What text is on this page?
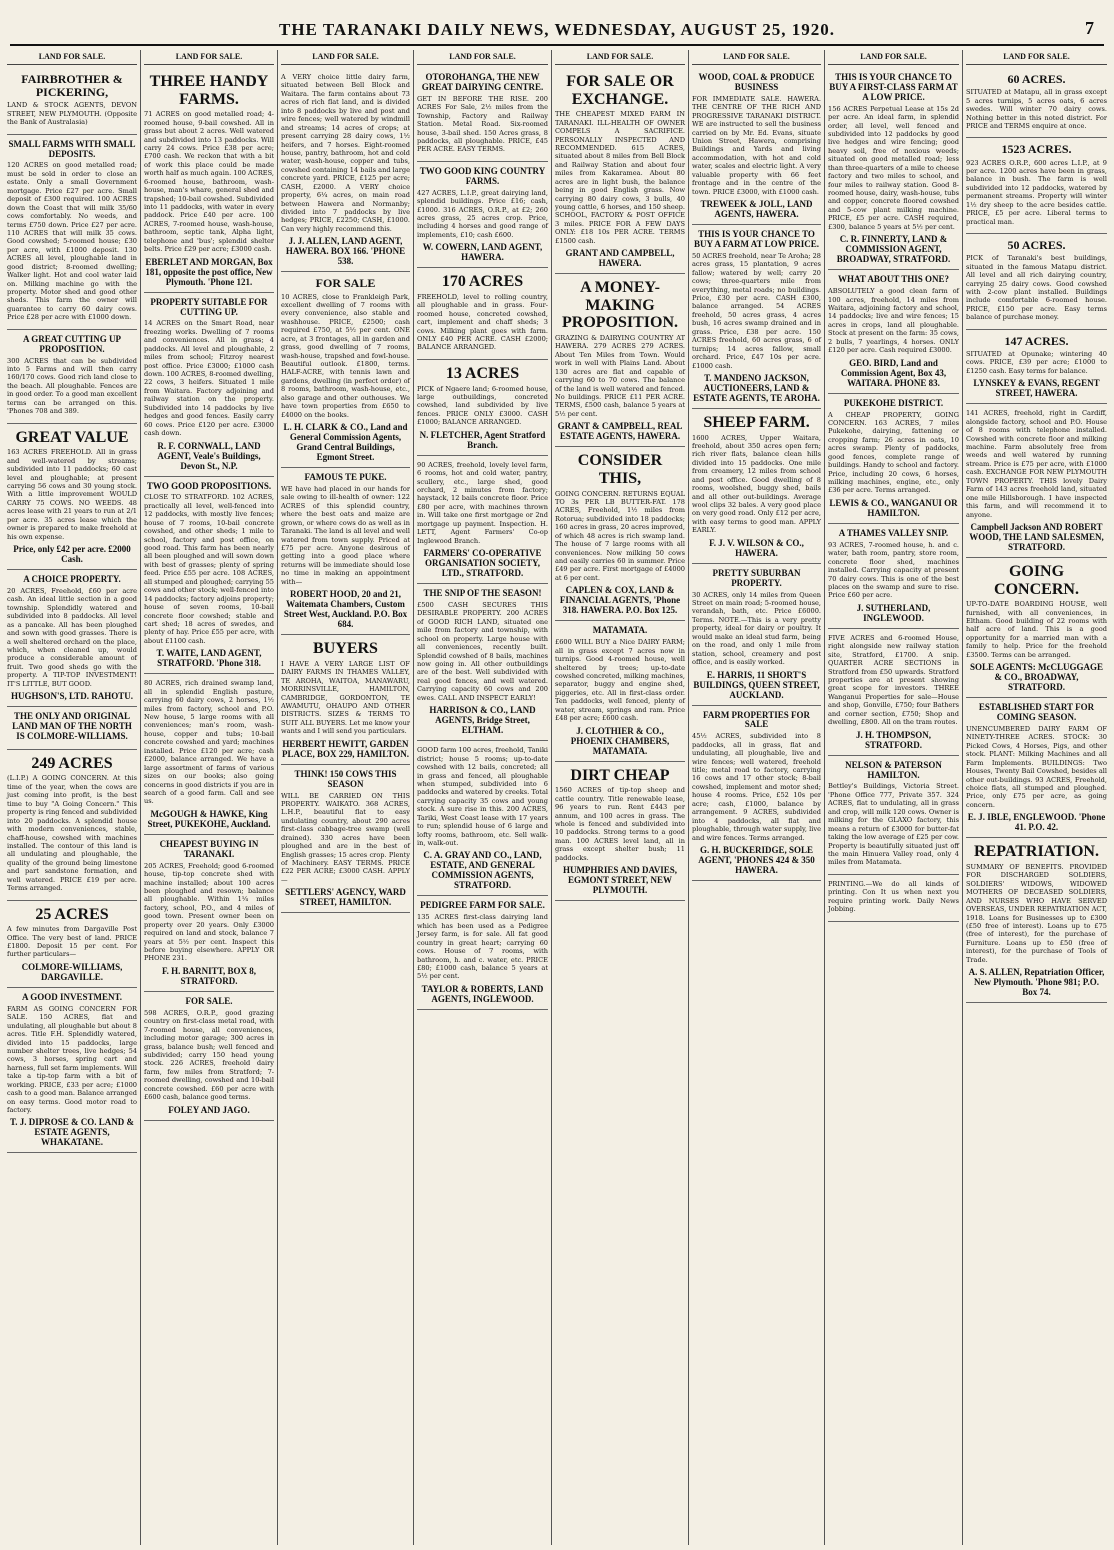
THE TARANAKI DAILY NEWS, WEDNESDAY, AUGUST 25, 1920.	7
LAND FOR SALE.
FAIRBROTHER & PICKERING,
LAND & STOCK AGENTS, DEVON STREET, NEW PLYMOUTH. (Opposite the Bank of Australasia)
SMALL FARMS WITH SMALL DEPOSITS.
120 ACRES on good metalled road; must be sold in order to close an estate. Only a small Government mortgage. Price £27 per acre. Small deposit of £300 required. 100 ACRES down the Coast that will milk 35/60 cows comfortably. No weeds, and terms £750 down. Price £27 per acre. 110 ACRES that will milk 35 cows. Good cowshed; 5-roomed house; £30 per acre, with £1000 deposit. 130 ACRES all level, ploughable land in good district; 8-roomed dwelling; Walker light. Hot and cool water laid on. Milking machine go with the property. Motor shed and good other sheds. This farm the owner will guarantee to carry 60 dairy cows. Price £28 per acre with £1000 down.
A GREAT CUTTING UP PROPOSITION.
300 ACRES that can be subdivided into 5 Farms and will then carry 160/170 cows. Good rich land close to the beach. All ploughable. Fences are in good order. To a good man excellent terms can be arranged on this. 'Phones 708 and 389.
GREAT VALUE
163 ACRES FREEHOLD. All in grass and well-watered by streams; subdivided into 11 paddocks; 60 cast level and ploughable; at present carrying 56 cows and 30 young stock. With a little improvement WOULD CARRY 75 COWS. NO WEEDS. 48 acres lease with 21 years to run at 2/1 per acre. 35 acres lease which the owner is prepared to make freehold at his own expense.
Price, only £42 per acre. £2000 Cash.
A CHOICE PROPERTY.
20 ACRES, Freehold, £60 per acre cash. An ideal little section in a good township. Splendidly watered and subdivided into 8 paddocks. All level as a pancake. All has been ploughed and sown with good grasses. There is a well sheltered orchard on the place, which, when cleaned up, would produce a considerable amount of fruit. Two good sheds go with the property. A TIP-TOP INVESTMENT! IT'S LITTLE, BUT GOOD.
HUGHSON'S, LTD. RAHOTU.
THE ONLY AND ORIGINAL LAND MAN OF THE NORTH IS COLMORE-WILLIAMS.
249 ACRES
(L.I.P.) A GOING CONCERN. At this time of the year, when the cows are just coming into profit, is the best time to buy "A Going Concern." This property is ring fenced and subdivided into 20 paddocks. A splendid house with modern conveniences, stable, chaff-house, cowshed with machines installed. The contour of this land is all undulating and ploughable, the quality of the ground being limestone and part sandstone formation, and well watered. PRICE £19 per acre. Terms arranged.
25 ACRES
A few minutes from Dargaville Post Office. The very best of land. PRICE £1800. Deposit 15 per cent. For further particulars—
COLMORE-WILLIAMS, DARGAVILLE.
A GOOD INVESTMENT.
FARM AS GOING CONCERN FOR SALE. 150 ACRES, flat and undulating, all ploughable but about 8 acres. Title F.H. Splendidly watered, divided into 15 paddocks, large number shelter trees, live hedges; 54 cows, 3 horses, spring cart and harness, full set farm implements. Will take a tip-top farm with a bit of working. PRICE, £33 per acre; £1000 cash to a good man. Balance arranged on easy terms. Good motor road to factory.
T. J. DIPROSE & CO. LAND & ESTATE AGENTS, WHAKATANE.
LAND FOR SALE.
THREE HANDY FARMS.
71 ACRES on good metalled road; 4-roomed house, 9-bail cowshed. All in grass but about 2 acres. Well watered and subdivided into 13 paddocks. Will carry 24 cows. Price £38 per acre; £700 cash. We reckon that with a bit of work this place could be made worth half as much again. 100 ACRES, 6-roomed house, bathroom, wash-house, man's whare, general shed and trapshed; 10-bail cowshed. Subdivided into 11 paddocks, with water in every paddock. Price £40 per acre. 100 ACRES, 7-roomed house, wash-house, bathroom, septic tank, Alpha light, telephone and 'bus'; splendid shelter belts. Price £29 per acre; £3000 cash.
EBERLET AND MORGAN, Box 181, opposite the post office, New Plymouth. 'Phone 121.
PROPERTY SUITABLE FOR CUTTING UP.
14 ACRES on the Smart Road, near freezing works. Dwelling of 7 rooms and conveniences. All in grass; 4 paddocks. All level and ploughable, 2 miles from school; Fitzroy nearest post office. Price £3000; £1000 cash down. 100 ACRES, 8-roomed dwelling, 22 cows, 3 heifers. Situated 1 mile from Waitara. Factory adjoining and railway station on the property. Subdivided into 14 paddocks by live hedges and good fences. Easily carry 60 cows. Price £120 per acre. £3000 cash down.
R. F. CORNWALL, LAND AGENT, Veale's Buildings, Devon St., N.P.
TWO GOOD PROPOSITIONS.
CLOSE TO STRATFORD. 102 ACRES, practically all level, well-fenced into 12 paddocks, with mostly live fences; house of 7 rooms, 10-bail concrete cowshed, and other sheds; 1 mile to school, factory and post office, on good road. This farm has been nearly all been ploughed and will sown down with best of grasses; plenty of spring feed. Price £55 per acre. 108 ACRES, all stumped and ploughed; carrying 55 cows and other stock; well-fenced into 14 paddocks; factory adjoins property; house of seven rooms, 10-bail concrete floor cowshed; stable and cart shed; 18 acres of swedes, and plenty of hay. Price £55 per acre, with about £1100 cash.
T. WAITE, LAND AGENT, STRATFORD. 'Phone 318.
80 ACRES, rich drained swamp land, all in splendid English pasture, carrying 60 dairy cows, 2 horses, 1½ miles from factory, school and P.O. New house, 5 large rooms with all conveniences; man's room, wash-house, copper and tubs; 10-bail concrete cowshed and yard; machines installed. Price £120 per acre; cash £2000, balance arranged. We have a large assortment of farms of various sizes on our books; also going concerns in good districts if you are in search of a good farm. Call and see us.
McGOUGH & HAWKE, King Street, PUKEKOHE, Auckland.
CHEAPEST BUYING IN TARANAKI.
205 ACRES, Freehold; good 6-roomed house, tip-top concrete shed with machine installed; about 100 acres been ploughed and resown; balance all ploughable. Within 1¼ miles factory, school, P.O., and 4 miles of good town. Present owner been on property over 20 years. Only £3000 required on land and stock, balance 7 years at 5½ per cent. Inspect this before buying elsewhere. APPLY OR PHONE 231.
F. H. BARNITT, BOX 8, STRATFORD.
FOR SALE.
598 ACRES, O.R.P., good grazing country on first-class metal road, with 7-roomed house, all conveniences, including motor garage; 300 acres in grass, balance bush; well fenced and subdivided; carry 150 head young stock. 226 ACRES, freehold dairy farm, few miles from Stratford; 7-roomed dwelling, cowshed and 10-bail concrete cowshed. £60 per acre with £600 cash, balance good terms.
FOLEY AND JAGO.
LAND FOR SALE.
A VERY choice little dairy farm, situated between Bell Block and Waitara. The farm contains about 73 acres of rich flat land, and is divided into 8 paddocks by live and post and wire fences; well watered by windmill and streams; 14 acres of crops; at present carrying 28 dairy cows, 1½ heifers, and 7 horses. Eight-roomed house, pantry, bathroom, hot and cold water, wash-house, copper and tubs, cowshed containing 14 bails and large concrete yard. PRICE, £125 per acre; CASH, £2000. A VERY choice property, 6¼ acres, on main road between Hawera and Normanby; divided into 7 paddocks by live hedges; PRICE, £2250; CASH, £1000. Can very highly recommend this.
J. J. ALLEN, LAND AGENT, HAWERA. BOX 166. 'PHONE 538.
FOR SALE
10 ACRES, close to Frankleigh Park, excellent dwelling of 7 rooms with every convenience, also stable and washhouse. PRICE, £2500; cash required £750, at 5½ per cent. ONE acre, at 3 frontages, all in garden and grass, good dwelling of 7 rooms, wash-house, trapshed and fowl-house. Beautiful outlook. £1800, terms. HALF-ACRE, with tennis lawn and gardens, dwelling (in perfect order) of 8 rooms, bathroom, wash-house, etc., also garage and other outhouses. We have town properties from £650 to £4000 on the books.
L. H. CLARK & CO., Land and General Commission Agents, Grand Central Buildings, Egmont Street.
FAMOUS TE PUKE.
WE have had placed in our hands for sale owing to ill-health of owner: 122 ACRES of this splendid country, where the best oats and maize are grown, or where cows do as well as in Taranaki. The land is all level and well watered from town supply. Priced at £75 per acre. Anyone desirous of getting into a good place where returns will be immediate should lose no time in making an appointment with—
ROBERT HOOD, 20 and 21, Waitemata Chambers, Custom Street West, Auckland. P.O. Box 684.
BUYERS
I HAVE A VERY LARGE LIST OF DAIRY FARMS IN THAMES VALLEY, TE AROHA, WAITOA, MANAWARU, MORRINSVILLE, HAMILTON, CAMBRIDGE, GORDONTON, TE AWAMUTU, OHAUPO AND OTHER DISTRICTS. SIZES & TERMS TO SUIT ALL BUYERS. Let me know your wants and I will send you particulars.
HERBERT HEWITT, GARDEN PLACE, BOX 229, HAMILTON.
THINK! 150 COWS THIS SEASON
WILL BE CARRIED ON THIS PROPERTY. WAIKATO. 368 ACRES, L.H.P., beautiful flat to easy undulating country, about 290 acres first-class cabbage-tree swamp (well drained). 330 acres have been ploughed and are in the best of English grasses; 15 acres crop. Plenty of Machinery. EASY TERMS. PRICE £22 PER ACRE; £3000 CASH. APPLY—
SETTLERS' AGENCY, WARD STREET, HAMILTON.
LAND FOR SALE.
OTOROHANGA, THE NEW GREAT DAIRYING CENTRE.
GET IN BEFORE THE RISE. 200 ACRES For Sale, 2½ miles from the Township, Factory and Railway Station. Metal Road. Six-roomed house, 3-bail shed. 150 Acres grass, 8 paddocks, all ploughable. PRICE, £45 PER ACRE. EASY TERMS.
TWO GOOD KING COUNTRY FARMS.
427 ACRES, L.I.P., great dairying land, splendid buildings. Price £16; cash, £1000. 316 ACRES, O.R.P., at £2; 260 acres grass, 25 acres crop. Price, including 4 horses and good range of implements, £10; cash £600.
W. COWERN, LAND AGENT, HAWERA.
170 ACRES
FREEHOLD, level to rolling country, all ploughable and in grass. Four-roomed house, concreted cowshed, cart, implement and chaff sheds; 3 cows. Milking plant goes with farm. ONLY £40 PER ACRE. CASH £2000; BALANCE ARRANGED.
13 ACRES
PICK of Ngaere land; 6-roomed house, large outbuildings, concreted cowshed, land subdivided by live fences. PRICE ONLY £3000. CASH £1000; BALANCE ARRANGED.
N. FLETCHER, Agent Stratford Branch.
90 ACRES, freehold, lovely level farm, 6 rooms, hot and cold water, pantry, scullery, etc., large shed, good orchard, 2 minutes from factory; haystack, 12 bails concrete floor. Price £80 per acre, with machines thrown in. Will take one first mortgage or 2nd mortgage up payment. Inspection. H. LETT, Agent Farmers' Co-op Inglewood Branch.
FARMERS' CO-OPERATIVE ORGANISATION SOCIETY, LTD., STRATFORD.
THE SNIP OF THE SEASON!
£500 CASH SECURES THIS DESIRABLE PROPERTY. 200 ACRES of GOOD RICH LAND, situated one mile from factory and township, with school on property. Large house with all conveniences, recently built. Splendid cowshed of 8 bails, machines now going in. All other outbuildings are of the best. Well subdivided with real good fences, and well watered. Carrying capacity 60 cows and 200 ewes. CALL AND INSPECT EARLY!
HARRISON & CO., LAND AGENTS, Bridge Street, ELTHAM.
GOOD farm 100 acres, freehold, Taniki district; house 5 rooms; up-to-date cowshed with 12 bails, concreted; all in grass and fenced, all ploughable when stumped, subdivided into 6 paddocks and watered by creeks. Total carrying capacity 35 cows and young stock. A sure rise in this. 200 ACRES, Tariki, West Coast lease with 17 years to run; splendid house of 6 large and lofty rooms, bathroom, etc. Sell walk-in, walk-out.
C. A. GRAY AND CO., LAND, ESTATE, AND GENERAL COMMISSION AGENTS, STRATFORD.
PEDIGREE FARM FOR SALE.
135 ACRES first-class dairying land which has been used as a Pedigree Jersey farm, is for sale. All fat good country in great heart; carrying 60 cows. House of 7 rooms, with bathroom, h. and c. water, etc. PRICE £80; £1000 cash, balance 5 years at 5½ per cent.
TAYLOR & ROBERTS, LAND AGENTS, INGLEWOOD.
LAND FOR SALE.
FOR SALE OR EXCHANGE.
THE CHEAPEST MIXED FARM IN TARANAKI. ILL-HEALTH OF OWNER COMPELS A SACRIFICE. PERSONALLY INSPECTED AND RECOMMENDED. 615 ACRES, situated about 8 miles from Bell Block and Railway Station and about four miles from Kakaramea. About 80 acres are in light bush, the balance being in good English grass. Now carrying 80 dairy cows, 3 bulls, 40 young cattle, 6 horses, and 150 sheep. SCHOOL, FACTORY & POST OFFICE 3 miles. PRICE FOR A FEW DAYS ONLY: £18 10s PER ACRE. TERMS £1500 cash.
GRANT AND CAMPBELL, HAWERA.
A MONEY-MAKING PROPOSITION.
GRAZING & DAIRYING COUNTRY AT HAWERA. 279 ACRES 279 ACRES. About Ten Miles from Town. Would work in well with Plains Land. About 130 acres are flat and capable of carrying 60 to 70 cows. The balance of the land is well watered and fenced. No buildings. PRICE £11 PER ACRE. TERMS, £500 cash, balance 5 years at 5½ per cent.
GRANT & CAMPBELL, REAL ESTATE AGENTS, HAWERA.
CONSIDER THIS,
GOING CONCERN. RETURNS EQUAL TO 3s PER LB BUTTER-FAT. 178 ACRES, Freehold, 1½ miles from Rotorua; subdivided into 18 paddocks; 160 acres in grass, 20 acres improved, of which 48 acres is rich swamp land. The house of 7 large rooms with all conveniences. Now milking 50 cows and easily carries 60 in summer. Price £49 per acre. First mortgage of £4000 at 6 per cent.
CAPLEN & COX, LAND & FINANCIAL AGENTS, 'Phone 318. HAWERA. P.O. Box 125.
MATAMATA.
£600 WILL BUY a Nice DAIRY FARM; all in grass except 7 acres now in turnips. Good 4-roomed house, well sheltered by trees; up-to-date cowshed concreted, milking machines, separator, buggy and engine shed, piggeries, etc. All in first-class order. Ten paddocks, well fenced, plenty of water, stream, springs and ram. Price £48 per acre; £600 cash.
J. CLOTHIER & CO., PHOENIX CHAMBERS, MATAMATA.
DIRT CHEAP
1560 ACRES of tip-top sheep and cattle country. Title renewable lease, 96 years to run. Rent £443 per annum, and 100 acres in grass. The whole is fenced and subdivided into 10 paddocks. Strong terms to a good man. 100 ACRES level land, all in grass except shelter bush; 11 paddocks.
HUMPHRIES AND DAVIES, EGMONT STREET, NEW PLYMOUTH.
LAND FOR SALE.
WOOD, COAL & PRODUCE BUSINESS
FOR IMMEDIATE SALE. HAWERA. THE CENTRE OF THE RICH AND PROGRESSIVE TARANAKI DISTRICT. WE are instructed to sell the business carried on by Mr. Ed. Evans, situate Union Street, Hawera, comprising Buildings and Yards and living accommodation, with hot and cold water, scales and electric light. A very valuable property with 66 feet frontage and in the centre of the town. PRICE £3000, with £1000 cash.
TREWEEK & JOLL, LAND AGENTS, HAWERA.
THIS IS YOUR CHANCE TO BUY A FARM AT LOW PRICE.
50 ACRES freehold, near Te Aroha; 28 acres grass, 15 plantation, 9 acres fallow; watered by well; carry 20 cows; three-quarters mile from everything, metal roads; no buildings. Price, £30 per acre. CASH £300, balance arranged. 54 ACRES freehold, 50 acres grass, 4 acres bush, 16 acres swamp drained and in grass. Price, £38 per acre. 150 ACRES freehold, 60 acres grass, 6 of turnips; 14 acres fallow, small orchard. Price, £47 10s per acre. £1000 cash.
T. MANDENO JACKSON, AUCTIONEERS, LAND & ESTATE AGENTS, TE AROHA.
SHEEP FARM.
1600 ACRES, Upper Waitara, freehold, about 350 acres open fern; rich river flats, balance clean hills divided into 15 paddocks. One mile from creamery, 12 miles from school and post office. Good dwelling of 8 rooms, woolshed, buggy shed, bails and all other out-buildings. Average wool clips 32 bales. A very good place on very good road. Only £12 per acre, with easy terms to good man. APPLY EARLY.
F. J. V. WILSON & CO., HAWERA.
PRETTY SUBURBAN PROPERTY.
30 ACRES, only 14 miles from Queen Street on main road; 5-roomed house, verandah, bath, etc. Price £6000. Terms. NOTE.—This is a very pretty property, ideal for dairy or poultry. It would make an ideal stud farm, being on the road, and only 1 mile from station, school, creamery and post office, and is easily worked.
E. HARRIS, 11 SHORT'S BUILDINGS, QUEEN STREET, AUCKLAND.
FARM PROPERTIES FOR SALE
45½ ACRES, subdivided into 8 paddocks, all in grass, flat and undulating, all ploughable, live and wire fences; well watered, freehold title; metal road to factory, carrying 16 cows and 17 other stock; 8-bail cowshed, implement and motor shed; house 4 rooms. Price, £52 10s per acre; cash, £1000, balance by arrangement. 9 ACRES, subdivided into 4 paddocks, all flat and ploughable, through water supply, live and wire fences. Terms arranged.
G. H. BUCKERIDGE, SOLE AGENT, 'PHONES 424 & 350 HAWERA.
LAND FOR SALE.
THIS IS YOUR CHANCE TO BUY A FIRST-CLASS FARM AT A LOW PRICE.
156 ACRES Perpetual Lease at 15s 2d per acre. An ideal farm, in splendid order, all level, well fenced and subdivided into 12 paddocks by good live hedges and wire fencing; good heavy soil, free of noxious weeds; situated on good metalled road; less than three-quarters of a mile to cheese factory and two miles to school, and four miles to railway station. Good 8-roomed house, dairy, wash-house, tubs and copper, concrete floored cowshed and 5-cow plant milking machine. PRICE, £5 per acre. CASH required, £300, balance 5 years at 5½ per cent.
C. R. FINNERTY, LAND & COMMISSION AGENT, BROADWAY, STRATFORD.
WHAT ABOUT THIS ONE?
ABSOLUTELY a good clean farm of 100 acres, freehold, 14 miles from Waitara, adjoining factory and school, 14 paddocks; live and wire fences; 15 acres in crops, land all ploughable. Stock at present on the farm: 35 cows, 2 bulls, 7 yearlings, 4 horses. ONLY £120 per acre. Cash required £3000.
GEO. BIRD, Land and Commission Agent, Box 43, WAITARA. PHONE 83.
PUKEKOHE DISTRICT.
A CHEAP PROPERTY, GOING CONCERN. 163 ACRES, 7 miles Pukekohe, dairying, fattening or cropping farm; 26 acres in oats, 10 acres swamp. Plenty of paddocks, good fences, complete range of buildings. Handy to school and factory. Price, including 20 cows, 6 horses, milking machines, engine, etc., only £36 per acre. Terms arranged.
LEWIS & CO., WANGANUI OR HAMILTON.
A THAMES VALLEY SNIP.
93 ACRES, 7-roomed house, h. and c. water, bath room, pantry, store room, concrete floor shed, machines installed. Carrying capacity at present 70 dairy cows. This is one of the best places on the swamp and sure to rise. Price £60 per acre.
J. SUTHERLAND, INGLEWOOD.
FIVE ACRES and 6-roomed House, right alongside new railway station site, Stratford, £1700. A snip. QUARTER ACRE SECTIONS in Stratford from £50 upwards. Stratford properties are at present showing great scope for investors. THREE Wanganui Properties for sale—House and shop, Gonville, £750; four Bathers and corner section, £750; Shop and dwelling, £800. All on the tram routes.
J. H. THOMPSON, STRATFORD.
NELSON & PATERSON HAMILTON.
Bettley's Buildings, Victoria Street. 'Phone Office 777, Private 357. 324 ACRES, flat to undulating, all in grass and crop, will milk 120 cows. Owner is milking for the GLAXO factory, this means a return of £3000 for butter-fat taking the low average of £25 per cow. Property is beautifully situated just off the main Hinuera Valley road, only 4 miles from Matamata.
PRINTING.—We do all kinds of printing. Con It us when next you require printing work. Daily News Jobbing.
LAND FOR SALE.
60 ACRES.
SITUATED at Matapu, all in grass except 5 acres turnips, 5 acres oats, 6 acres swedes. Will winter 70 dairy cows. Nothing better in this noted district. For PRICE and TERMS enquire at once.
1523 ACRES.
923 ACRES O.R.P., 600 acres L.I.P., at 9 per acre. 1200 acres have been in grass, balance in bush. The farm is well subdivided into 12 paddocks, watered by permanent streams. Property will winter 1½ dry sheep to the acre besides cattle. PRICE, £5 per acre. Liberal terms to practical man.
50 ACRES.
PICK of Taranaki's best buildings, situated in the famous Matapu district. All level and all rich dairying country, carrying 25 dairy cows. Good cowshed with 2-cow plant installed. Buildings include comfortable 6-roomed house. PRICE, £150 per acre. Easy terms balance of purchase money.
147 ACRES.
SITUATED at Opunake; wintering 40 cows. PRICE, £39 per acre; £1000 to £1250 cash. Easy terms for balance.
LYNSKEY & EVANS, REGENT STREET, HAWERA.
141 ACRES, freehold, right in Cardiff, alongside factory, school and P.O. House of 8 rooms with telephone installed. Cowshed with concrete floor and milking machine. Farm absolutely free from weeds and well watered by running stream. Price is £75 per acre, with £1000 cash. EXCHANGE FOR NEW PLYMOUTH TOWN PROPERTY. THIS lovely Dairy Farm of 143 acres freehold land, situated one mile Hillsborough. I have inspected this farm, and will recommend it to anyone.
Campbell Jackson AND ROBERT WOOD, THE LAND SALESMEN, STRATFORD.
GOING CONCERN.
UP-TO-DATE BOARDING HOUSE, well furnished, with all conveniences, in Eltham. Good building of 22 rooms with half acre of land. This is a good opportunity for a married man with a family to help. Price for the freehold £3500. Terms can be arranged.
SOLE AGENTS: McCLUGGAGE & CO., BROADWAY, STRATFORD.
ESTABLISHED START FOR COMING SEASON.
UNENCUMBERED DAIRY FARM OF NINETY-THREE ACRES. STOCK: 30 Picked Cows, 4 Horses, Pigs, and other stock. PLANT: Milking Machines and all Farm Implements. BUILDINGS: Two Houses, Twenty Bail Cowshed, besides all other out-buildings. 93 ACRES, Freehold, choice flats, all stumped and ploughed. Price, only £75 per acre, as going concern.
E. J. IBLE, ENGLEWOOD. 'Phone 41. P.O. 42.
REPATRIATION.
SUMMARY OF BENEFITS. PROVIDED FOR DISCHARGED SOLDIERS, SOLDIERS' WIDOWS, WIDOWED MOTHERS OF DECEASED SOLDIERS, AND NURSES WHO HAVE SERVED OVERSEAS, UNDER REPATRIATION ACT, 1918. Loans for Businesses up to £300 (£50 free of interest). Loans up to £75 (free of interest), for the purchase of Furniture. Loans up to £50 (free of interest), for the purchase of Tools of Trade.
A. S. ALLEN, Repatriation Officer, New Plymouth. 'Phone 981; P.O. Box 74.
